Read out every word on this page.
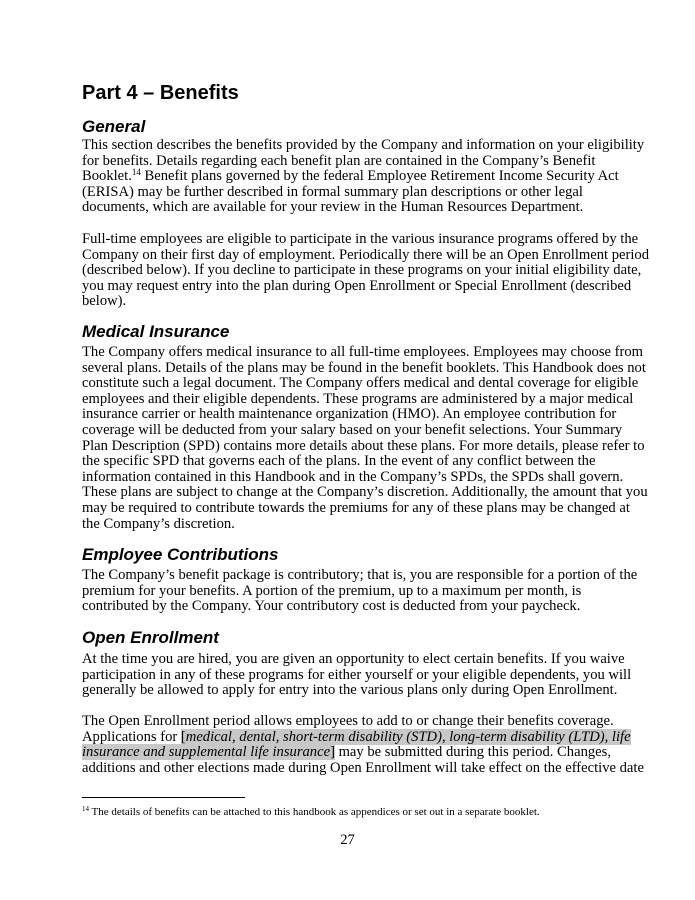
Part 4 – Benefits
General

This section describes the benefits provided by the Company and information on your eligibility
for benefits. Details regarding each benefit plan are contained in the Company’s Benefit
Booklet.$^{14}$ Benefit plans governed by the federal Employee Retirement Income Security Act
(ERISA) may be further described in formal summary plan descriptions or other legal
documents, which are available for your review in the Human Resources Department.

Full-time employees are eligible to participate in the various insurance programs offered by the
Company on their first day of employment. Periodically there will be an Open Enrollment period
(described below). If you decline to participate in these programs on your initial eligibility date,
you may request entry into the plan during Open Enrollment or Special Enrollment (described
below).

Medical Insurance

The Company offers medical insurance to all full-time employees. Employees may choose from
several plans. Details of the plans may be found in the benefit booklets. This Handbook does not
constitute such a legal document. The Company offers medical and dental coverage for eligible
employees and their eligible dependents. These programs are administered by a major medical
insurance carrier or health maintenance organization (HMO). An employee contribution for
coverage will be deducted from your salary based on your benefit selections. Your Summary
Plan Description (SPD) contains more details about these plans. For more details, please refer to
the specific SPD that governs each of the plans. In the event of any conflict between the
information contained in this Handbook and in the Company’s SPDs, the SPDs shall govern.
These plans are subject to change at the Company’s discretion. Additionally, the amount that you
may be required to contribute towards the premiums for any of these plans may be changed at
the Company’s discretion.

Employee Contributions

The Company’s benefit package is contributory; that is, you are responsible for a portion of the
premium for your benefits. A portion of the premium, up to a maximum per month, is
contributed by the Company. Your contributory cost is deducted from your paycheck.

Open Enrollment

At the time you are hired, you are given an opportunity to elect certain benefits. If you waive
participation in any of these programs for either yourself or your eligible dependents, you will
generally be allowed to apply for entry into the various plans only during Open Enrollment.

The Open Enrollment period allows employees to add to or change their benefits coverage.
Applications for [medical, dental, short-term disability (STD), long-term disability (LTD), life
insurance and supplemental life insurance] may be submitted during this period. Changes,
additions and other elections made during Open Enrollment will take effect on the effective date

$^{14}$ The details of benefits can be attached to this handbook as appendices or set out in a separate booklet.
27
